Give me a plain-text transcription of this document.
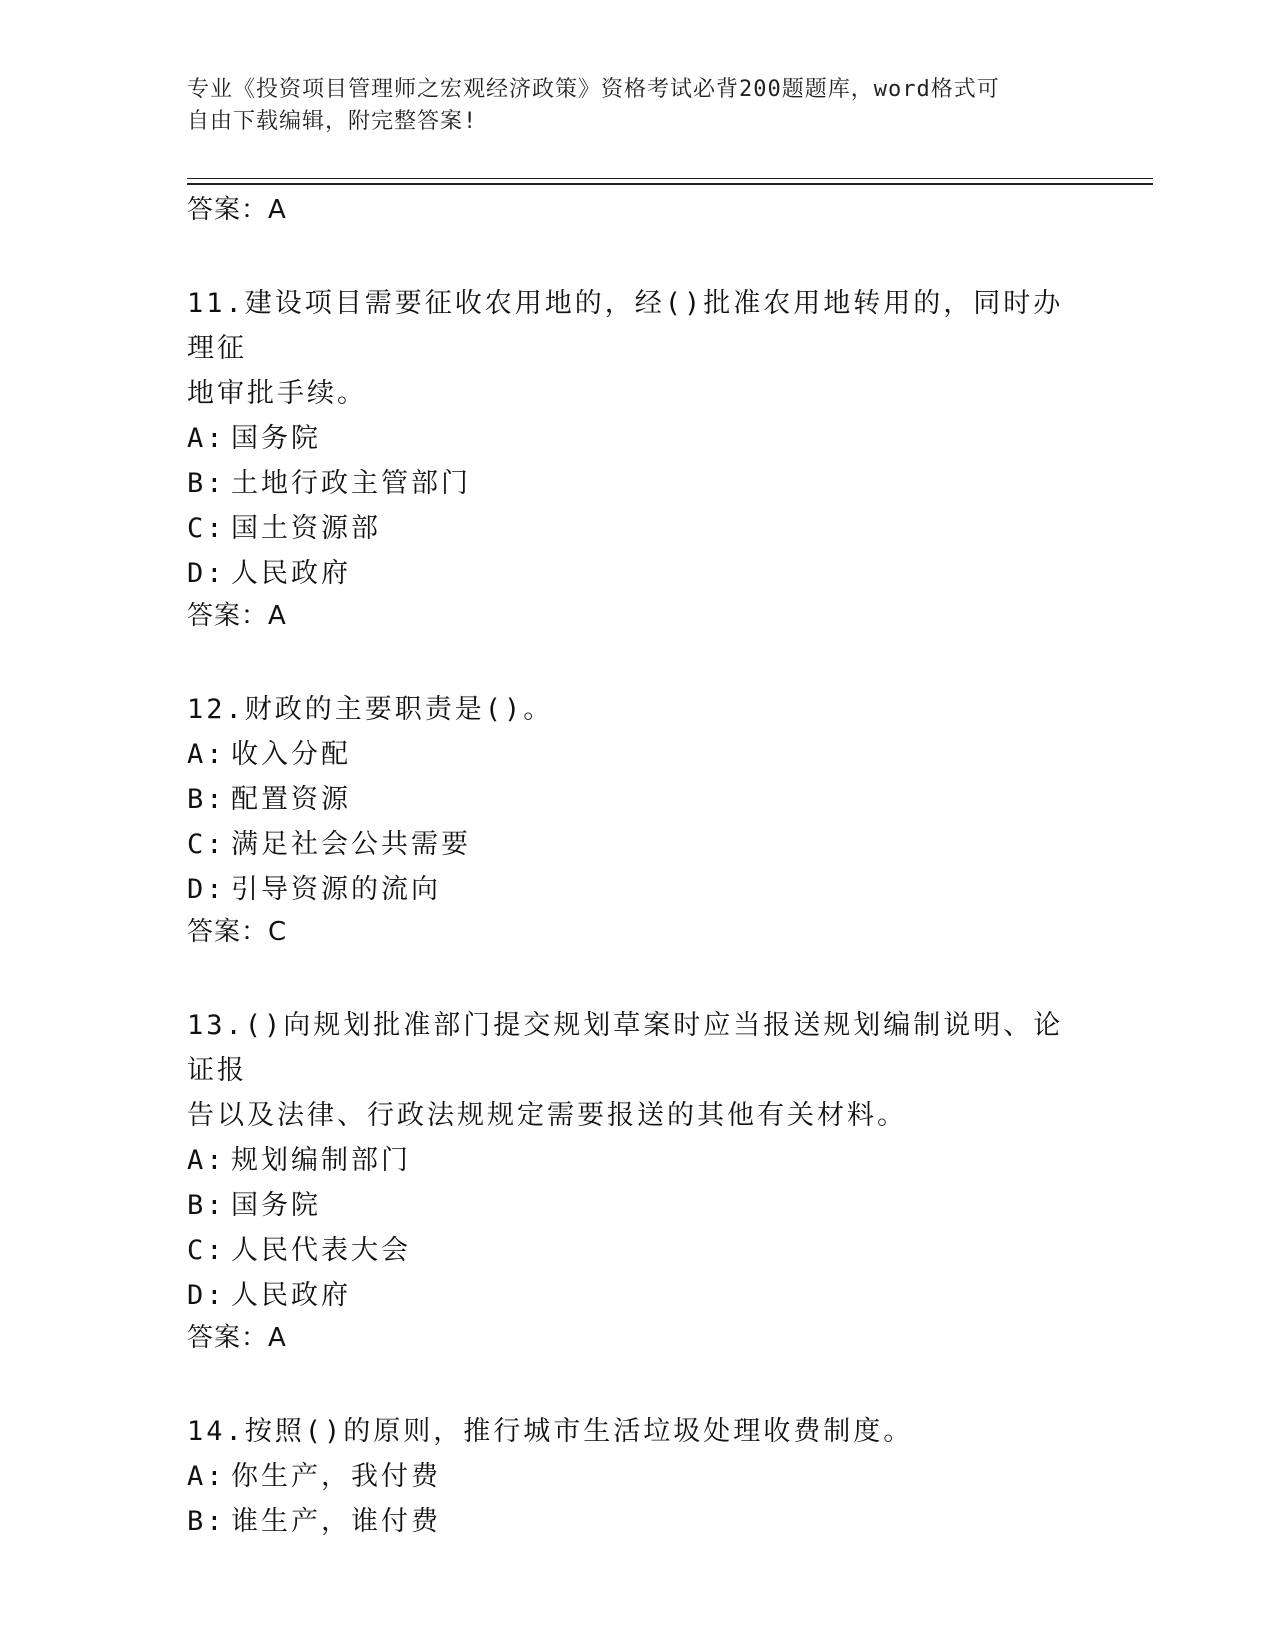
专业《投资项目管理师之宏观经济政策》资格考试必背200题题库，word格式可
自由下载编辑，附完整答案!
答案：A
11.建设项目需要征收农用地的，经()批准农用地转用的，同时办理征
地审批手续。
A: 国务院
B: 土地行政主管部门
C: 国土资源部
D: 人民政府
答案：A
12.财政的主要职责是()。
A: 收入分配
B: 配置资源
C: 满足社会公共需要
D: 引导资源的流向
答案：C
13.()向规划批准部门提交规划草案时应当报送规划编制说明、论证报
告以及法律、行政法规规定需要报送的其他有关材料。
A: 规划编制部门
B: 国务院
C: 人民代表大会
D: 人民政府
答案：A
14.按照()的原则，推行城市生活垃圾处理收费制度。
A: 你生产，我付费
B: 谁生产，谁付费
